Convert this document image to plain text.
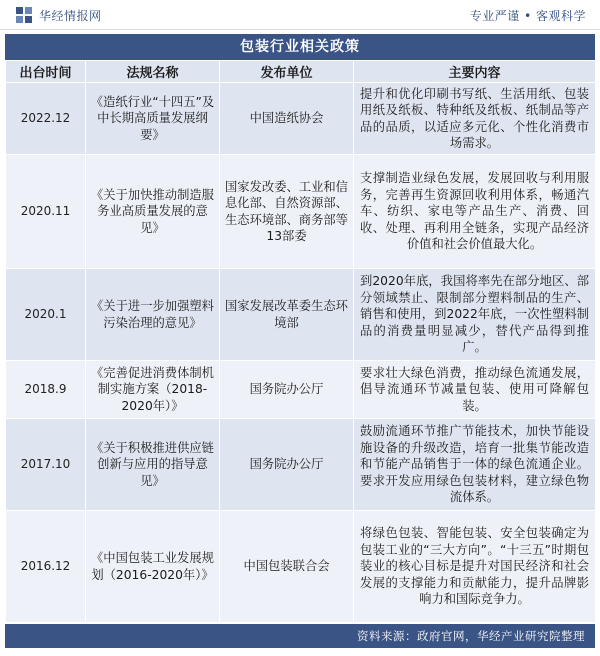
华经情报网	专业严谨 • 客观科学
包装行业相关政策
出台时间	法规名称	发布单位	主要内容
2022.12	《造纸行业“十四五”及中长期高质量发展纲要》	中国造纸协会	提升和优化印刷书写纸、生活用纸、包装用纸及纸板、特种纸及纸板、纸制品等产品的品质，以适应多元化、个性化消费市场需求。
2020.11	《关于加快推动制造服务业高质量发展的意见》	国家发改委、工业和信息化部、自然资源部、生态环境部、商务部等13部委	支撑制造业绿色发展，发展回收与利用服务，完善再生资源回收利用体系，畅通汽车、纺织、家电等产品生产、消费、回收、处理、再利用全链条，实现产品经济价值和社会价值最大化。
2020.1	《关于进一步加强塑料污染治理的意见》	国家发展改革委生态环境部	到2020年底，我国将率先在部分地区、部分领域禁止、限制部分塑料制品的生产、销售和使用，到2022年底，一次性塑料制品的消费量明显减少，替代产品得到推广。
2018.9	《完善促进消费体制机制实施方案（2018-2020年）》	国务院办公厅	要求壮大绿色消费，推动绿色流通发展，倡导流通环节减量包装、使用可降解包装。
2017.10	《关于积极推进供应链创新与应用的指导意见》	国务院办公厅	鼓励流通环节推广节能技术，加快节能设施设备的升级改造，培育一批集节能改造和节能产品销售于一体的绿色流通企业。要求开发应用绿色包装材料，建立绿色物流体系。
2016.12	《中国包装工业发展规划（2016-2020年）》	中国包装联合会	将绿色包装、智能包装、安全包装确定为包装工业的“三大方向”。“十三五”时期包装业的核心目标是提升对国民经济和社会发展的支撑能力和贡献能力，提升品牌影响力和国际竞争力。
资料来源：政府官网，华经产业研究院整理
